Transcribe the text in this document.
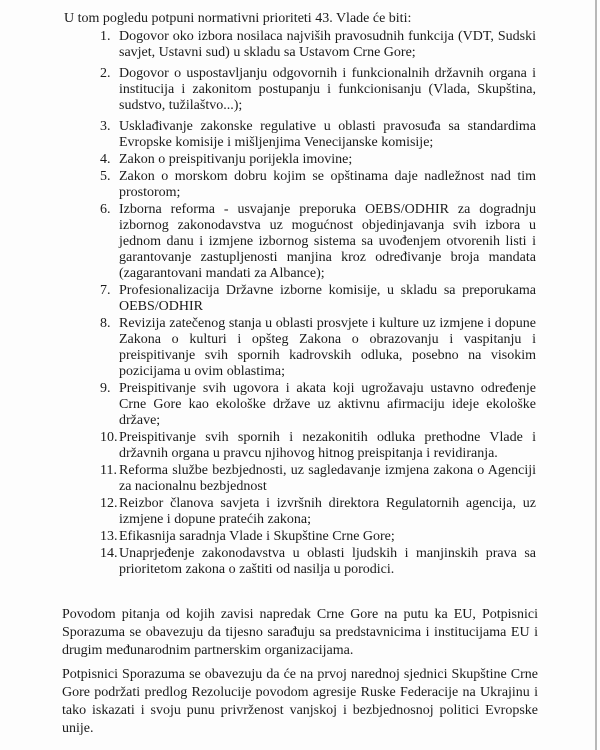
U tom pogledu potpuni normativni prioriteti 43. Vlade će biti:
1. Dogovor oko izbora nosilaca najviših pravosudnih funkcija (VDT, Sudski savjet, Ustavni sud) u skladu sa Ustavom Crne Gore;
2. Dogovor o uspostavljanju odgovornih i funkcionalnih državnih organa i institucija i zakonitom postupanju i funkcionisanju (Vlada, Skupština, sudstvo, tužilaštvo...);
3. Usklađivanje zakonske regulative u oblasti pravosuđa sa standardima Evropske komisije i mišljenjima Venecijanske komisije;
4. Zakon o preispitivanju porijekla imovine;
5. Zakon o morskom dobru kojim se opštinama daje nadležnost nad tim prostorom;
6. Izborna reforma - usvajanje preporuka OEBS/ODHIR za dogradnju izbornog zakonodavstva uz mogućnost objedinjavanja svih izbora u jednom danu i izmjene izbornog sistema sa uvođenjem otvorenih listi i garantovanje zastupljenosti manjina kroz određivanje broja mandata (zagarantovani mandati za Albance);
7. Profesionalizacija Državne izborne komisije, u skladu sa preporukama OEBS/ODHIR
8. Revizija zatečenog stanja u oblasti prosvjete i kulture uz izmjene i dopune Zakona o kulturi i opšteg Zakona o obrazovanju i vaspitanju i preispitivanje svih spornih kadrovskih odluka, posebno na visokim pozicijama u ovim oblastima;
9. Preispitivanje svih ugovora i akata koji ugrožavaju ustavno određenje Crne Gore kao ekološke države uz aktivnu afirmaciju ideje ekološke države;
10. Preispitivanje svih spornih i nezakonitih odluka prethodne Vlade i državnih organa u pravcu njihovog hitnog preispitanja i revidiranja.
11. Reforma službe bezbjednosti, uz sagledavanje izmjena zakona o Agenciji za nacionalnu bezbjednost
12. Reizbor članova savjeta i izvršnih direktora Regulatornih agencija, uz izmjene i dopune pratećih zakona;
13. Efikasnija saradnja Vlade i Skupštine Crne Gore;
14. Unaprjeđenje zakonodavstva u oblasti ljudskih i manjinskih prava sa prioritetom zakona o zaštiti od nasilja u porodici.
Povodom pitanja od kojih zavisi napredak Crne Gore na putu ka EU, Potpisnici Sporazuma se obavezuju da tijesno sarađuju sa predstavnicima i institucijama EU i drugim međunarodnim partnerskim organizacijama.
Potpisnici Sporazuma se obavezuju da će na prvoj narednoj sjednici Skupštine Crne Gore podržati predlog Rezolucije povodom agresije Ruske Federacije na Ukrajinu i tako iskazati i svoju punu privrženost vanjskoj i bezbjednosnoj politici Evropske unije.
